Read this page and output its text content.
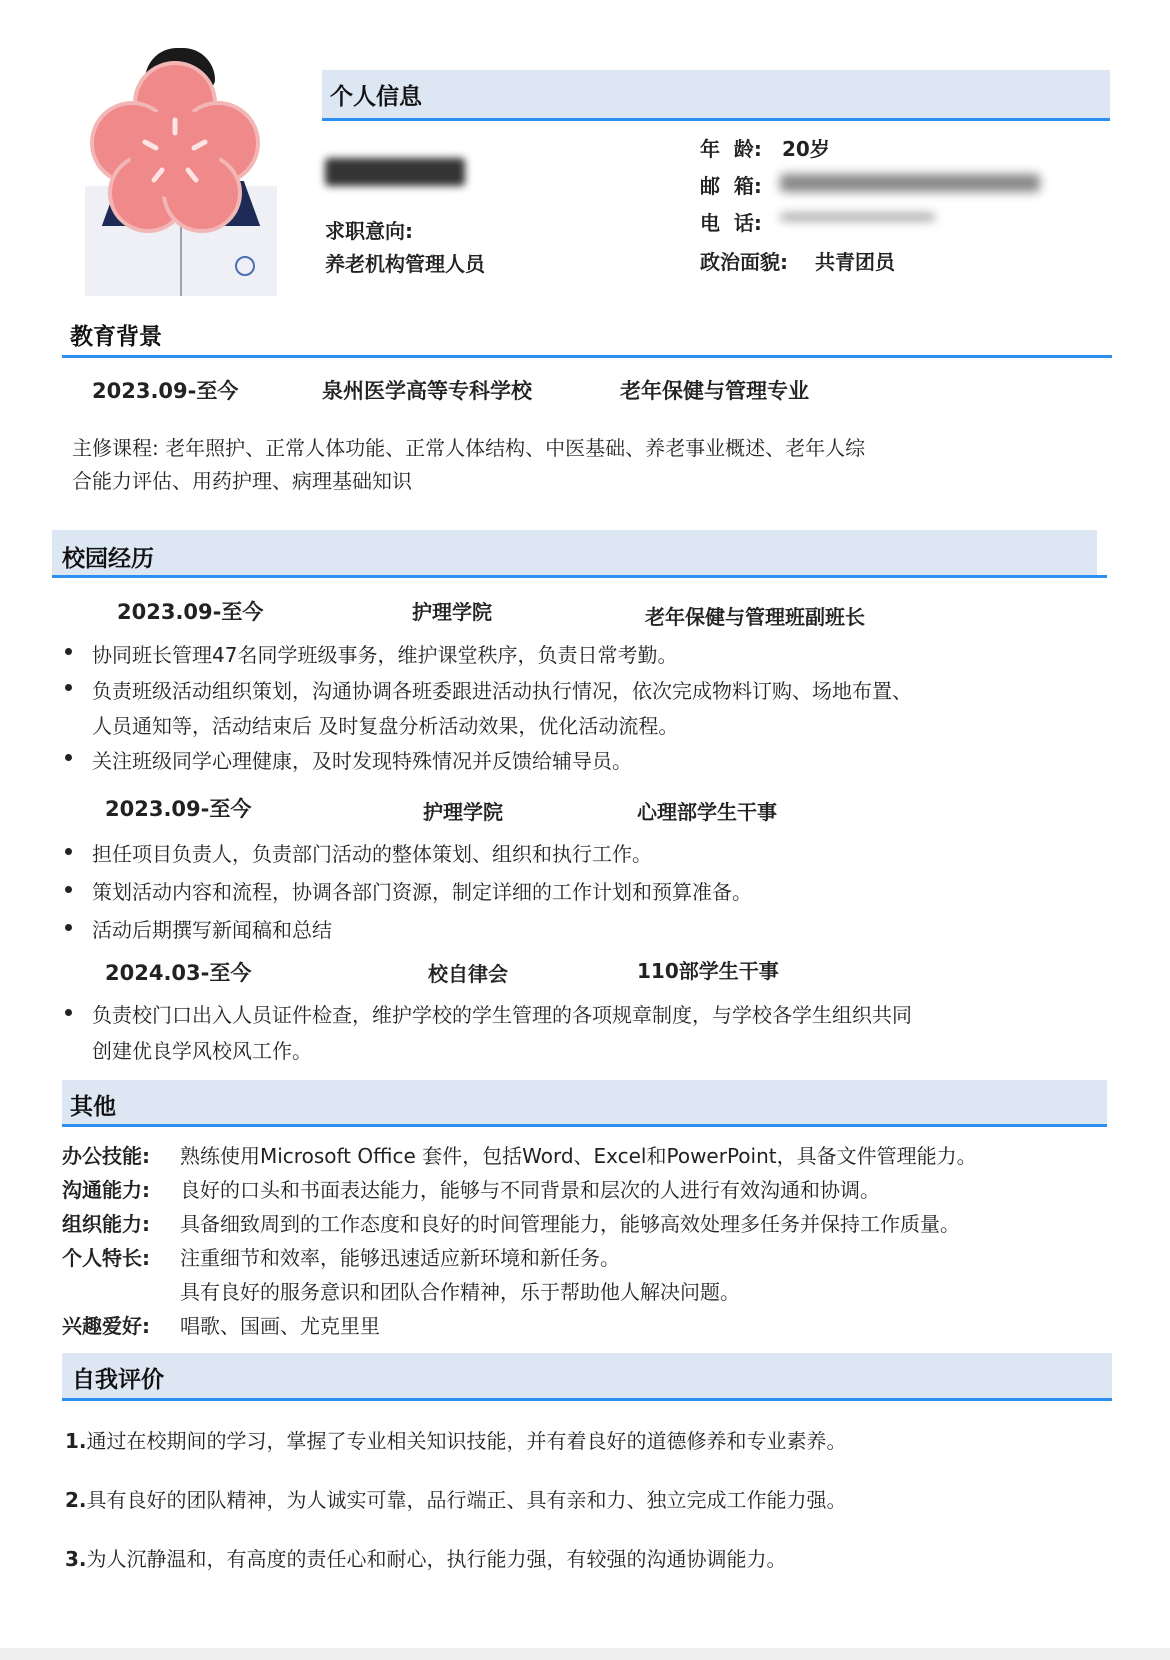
个人信息
求职意向:
养老机构管理人员
年  龄: 20岁
邮  箱:
电  话:
政治面貌: 共青团员
教育背景
2023.09-至今	泉州医学高等专科学校	老年保健与管理专业
主修课程: 老年照护、正常人体功能、正常人体结构、中医基础、养老事业概述、老年人综
合能力评估、用药护理、病理基础知识
校园经历
2023.09-至今	护理学院	老年保健与管理班副班长
协同班长管理47名同学班级事务，维护课堂秩序，负责日常考勤。
负责班级活动组织策划，沟通协调各班委跟进活动执行情况，依次完成物料订购、场地布置、
人员通知等，活动结束后 及时复盘分析活动效果，优化活动流程。
关注班级同学心理健康，及时发现特殊情况并反馈给辅导员。
2023.09-至今	护理学院	心理部学生干事
担任项目负责人，负责部门活动的整体策划、组织和执行工作。
策划活动内容和流程，协调各部门资源，制定详细的工作计划和预算准备。
活动后期撰写新闻稿和总结
2024.03-至今	校自律会	110部学生干事
负责校门口出入人员证件检查，维护学校的学生管理的各项规章制度，与学校各学生组织共同
创建优良学风校风工作。
其他
办公技能: 熟练使用Microsoft Office 套件，包括Word、Excel和PowerPoint，具备文件管理能力。
沟通能力: 良好的口头和书面表达能力，能够与不同背景和层次的人进行有效沟通和协调。
组织能力: 具备细致周到的工作态度和良好的时间管理能力，能够高效处理多任务并保持工作质量。
个人特长: 注重细节和效率，能够迅速适应新环境和新任务。
具有良好的服务意识和团队合作精神，乐于帮助他人解决问题。
兴趣爱好: 唱歌、国画、尤克里里
自我评价
1.通过在校期间的学习，掌握了专业相关知识技能，并有着良好的道德修养和专业素养。
2.具有良好的团队精神，为人诚实可靠，品行端正、具有亲和力、独立完成工作能力强。
3.为人沉静温和，有高度的责任心和耐心，执行能力强，有较强的沟通协调能力。
